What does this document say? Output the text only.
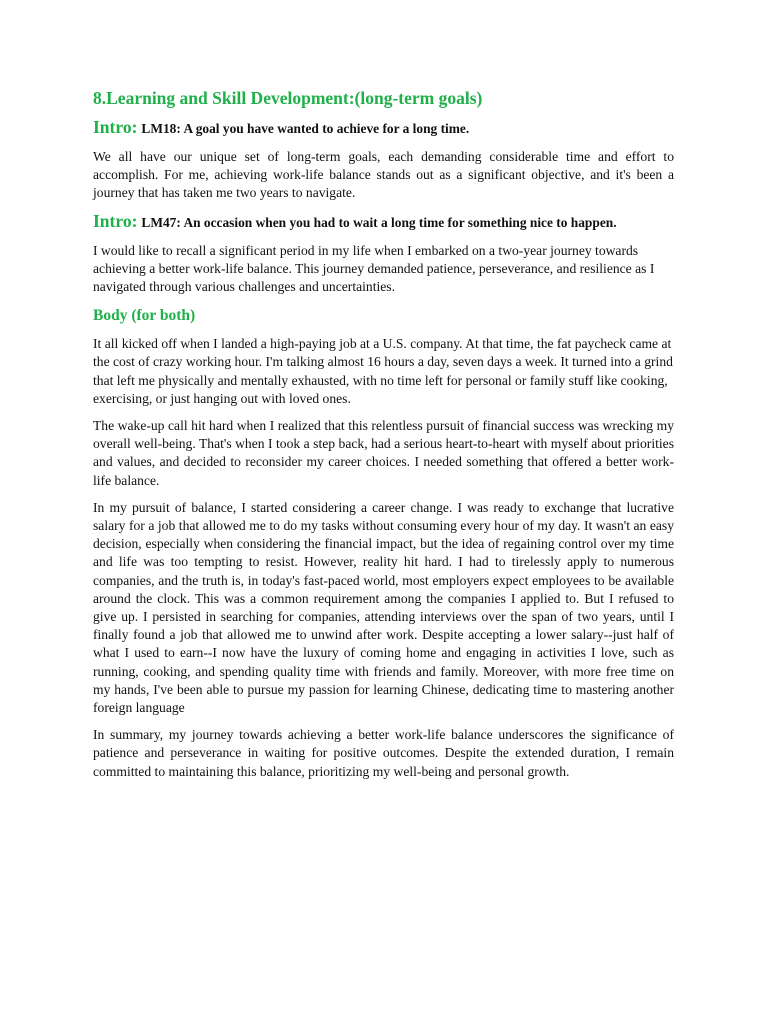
8.Learning and Skill Development:(long-term goals)
Intro: LM18: A goal you have wanted to achieve for a long time.

We all have our unique set of long-term goals, each demanding considerable time and effort to accomplish. For me, achieving work-life balance stands out as a significant objective, and it's been a journey that has taken me two years to navigate.

Intro: LM47: An occasion when you had to wait a long time for something nice to happen.

I would like to recall a significant period in my life when I embarked on a two-year journey towards achieving a better work-life balance. This journey demanded patience, perseverance, and resilience as I navigated through various challenges and uncertainties.

Body (for both)

It all kicked off when I landed a high-paying job at a U.S. company. At that time, the fat paycheck came at the cost of crazy working hour. I'm talking almost 16 hours a day, seven days a week. It turned into a grind that left me physically and mentally exhausted, with no time left for personal or family stuff like cooking, exercising, or just hanging out with loved ones.

The wake-up call hit hard when I realized that this relentless pursuit of financial success was wrecking my overall well-being. That's when I took a step back, had a serious heart-to-heart with myself about priorities and values, and decided to reconsider my career choices. I needed something that offered a better work-life balance.

In my pursuit of balance, I started considering a career change. I was ready to exchange that lucrative salary for a job that allowed me to do my tasks without consuming every hour of my day. It wasn't an easy decision, especially when considering the financial impact, but the idea of regaining control over my time and life was too tempting to resist. However, reality hit hard. I had to tirelessly apply to numerous companies, and the truth is, in today's fast-paced world, most employers expect employees to be available around the clock. This was a common requirement among the companies I applied to. But I refused to give up. I persisted in searching for companies, attending interviews over the span of two years, until I finally found a job that allowed me to unwind after work. Despite accepting a lower salary--just half of what I used to earn--I now have the luxury of coming home and engaging in activities I love, such as running, cooking, and spending quality time with friends and family. Moreover, with more free time on my hands, I've been able to pursue my passion for learning Chinese, dedicating time to mastering another foreign language

In summary, my journey towards achieving a better work-life balance underscores the significance of patience and perseverance in waiting for positive outcomes. Despite the extended duration, I remain committed to maintaining this balance, prioritizing my well-being and personal growth.
